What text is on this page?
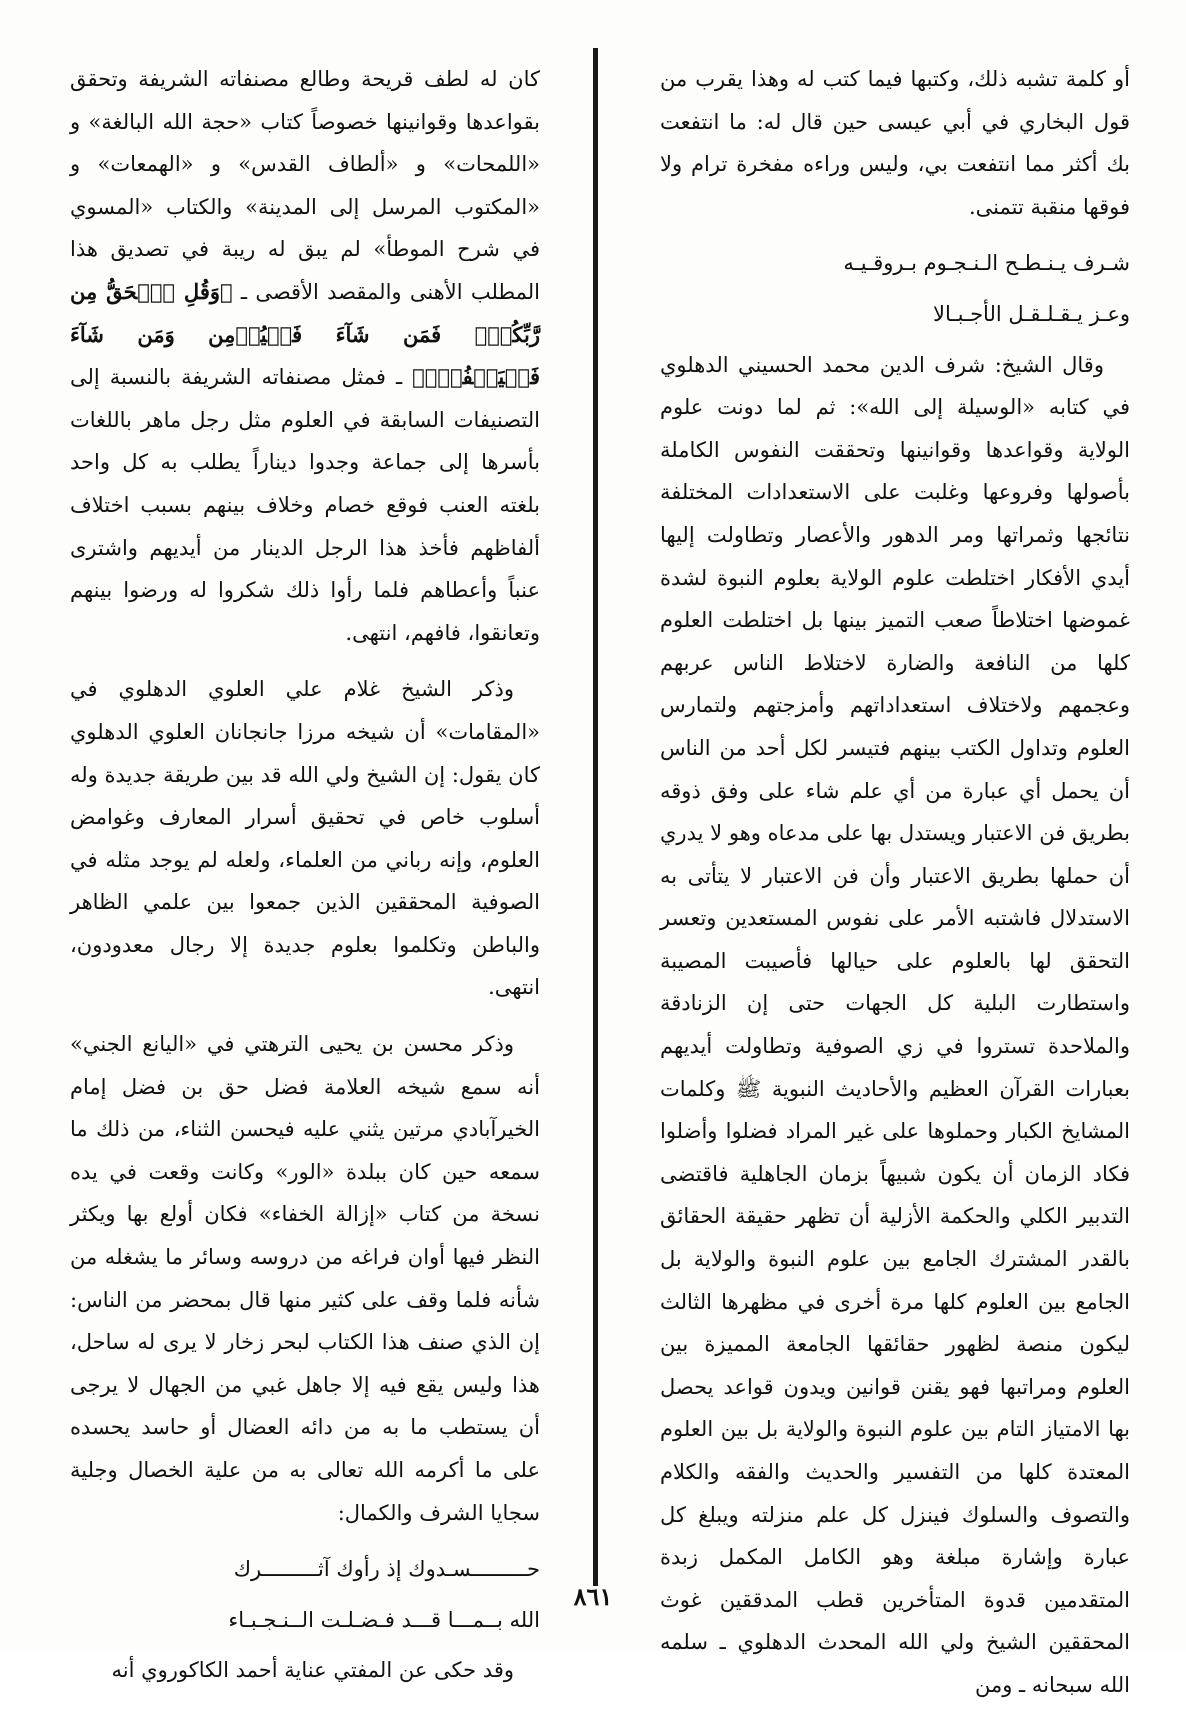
أو كلمة تشبه ذلك، وكتبها فيما كتب له وهذا يقرب من قول البخاري في أبي عيسى حين قال له: ما انتفعت بك أكثر مما انتفعت بي، وليس وراءه مفخرة ترام ولا فوقها منقبة تتمنى.

شـرف يـنـطـح الـنـجـوم بـروقـيـه
وعـز يـقـلـقـل الأجـبـالا

وقال الشيخ: شرف الدين محمد الحسيني الدهلوي في كتابه «الوسيلة إلى الله»: ثم لما دونت علوم الولاية وقواعدها وقوانينها وتحققت النفوس الكاملة بأصولها وفروعها وغلبت على الاستعدادات المختلفة نتائجها وثمراتها ومر الدهور والأعصار وتطاولت إليها أيدي الأفكار اختلطت علوم الولاية بعلوم النبوة لشدة غموضها اختلاطاً صعب التميز بينها بل اختلطت العلوم كلها من النافعة والضارة لاختلاط الناس عربهم وعجمهم ولاختلاف استعداداتهم وأمزجتهم ولتمارس العلوم وتداول الكتب بينهم فتيسر لكل أحد من الناس أن يحمل أي عبارة من أي علم شاء على وفق ذوقه بطريق فن الاعتبار ويستدل بها على مدعاه وهو لا يدري أن حملها بطريق الاعتبار وأن فن الاعتبار لا يتأتى به الاستدلال فاشتبه الأمر على نفوس المستعدين وتعسر التحقق لها بالعلوم على حيالها فأصيبت المصيبة واستطارت البلية كل الجهات حتى إن الزنادقة والملاحدة تستروا في زي الصوفية وتطاولت أيديهم بعبارات القرآن العظيم والأحاديث النبوية ﷺ وكلمات المشايخ الكبار وحملوها على غير المراد فضلوا وأضلوا فكاد الزمان أن يكون شبيهاً بزمان الجاهلية فاقتضى التدبير الكلي والحكمة الأزلية أن تظهر حقيقة الحقائق بالقدر المشترك الجامع بين علوم النبوة والولاية بل الجامع بين العلوم كلها مرة أخرى في مظهرها الثالث ليكون منصة لظهور حقائقها الجامعة المميزة بين العلوم ومراتبها فهو يقنن قوانين ويدون قواعد يحصل بها الامتياز التام بين علوم النبوة والولاية بل بين العلوم المعتدة كلها من التفسير والحديث والفقه والكلام والتصوف والسلوك فينزل كل علم منزلته ويبلغ كل عبارة وإشارة مبلغة وهو الكامل المكمل زبدة المتقدمين قدوة المتأخرين قطب المدققين غوث المحققين الشيخ ولي الله المحدث الدهلوي ـ سلمه الله سبحانه ـ ومن

كان له لطف قريحة وطالع مصنفاته الشريفة وتحقق بقواعدها وقوانينها خصوصاً كتاب «حجة الله البالغة» و «اللمحات» و «ألطاف القدس» و «الهمعات» و «المكتوب المرسل إلى المدينة» والكتاب «المسوي في شرح الموطأ» لم يبق له ريبة في تصديق هذا المطلب الأهنى والمقصد الأقصى ـ ﴿وَقُلِ ٱلۡحَقُّ مِن رَّبِّكُمۡۖ فَمَن شَآءَ فَلۡيُؤۡمِن وَمَن شَآءَ فَلۡيَكۡفُرۡۚ﴾ ـ فمثل مصنفاته الشريفة بالنسبة إلى التصنيفات السابقة في العلوم مثل رجل ماهر باللغات بأسرها إلى جماعة وجدوا ديناراً يطلب به كل واحد بلغته العنب فوقع خصام وخلاف بينهم بسبب اختلاف ألفاظهم فأخذ هذا الرجل الدينار من أيديهم واشترى عنباً وأعطاهم فلما رأوا ذلك شكروا له ورضوا بينهم وتعانقوا، فافهم، انتهى.

وذكر الشيخ غلام علي العلوي الدهلوي في «المقامات» أن شيخه مرزا جانجانان العلوي الدهلوي كان يقول: إن الشيخ ولي الله قد بين طريقة جديدة وله أسلوب خاص في تحقيق أسرار المعارف وغوامض العلوم، وإنه رباني من العلماء، ولعله لم يوجد مثله في الصوفية المحققين الذين جمعوا بين علمي الظاهر والباطن وتكلموا بعلوم جديدة إلا رجال معدودون، انتهى.

وذكر محسن بن يحيى الترهتي في «اليانع الجني» أنه سمع شيخه العلامة فضل حق بن فضل إمام الخيرآبادي مرتين يثني عليه فيحسن الثناء، من ذلك ما سمعه حين كان ببلدة «الور» وكانت وقعت في يده نسخة من كتاب «إزالة الخفاء» فكان أولع بها ويكثر النظر فيها أوان فراغه من دروسه وسائر ما يشغله من شأنه فلما وقف على كثير منها قال بمحضر من الناس: إن الذي صنف هذا الكتاب لبحر زخار لا يرى له ساحل، هذا وليس يقع فيه إلا جاهل غبي من الجهال لا يرجى أن يستطب ما به من دائه العضال أو حاسد يحسده على ما أكرمه الله تعالى به من علية الخصال وجلية سجايا الشرف والكمال:

حـــــــــسـدوك إذ رأوك آثـــــــــرك
الله بــمـــا قـــد فـضـلـت الــنـجـبـاء

وقد حكى عن المفتي عناية أحمد الكاكوروي أنه

٨٦١
